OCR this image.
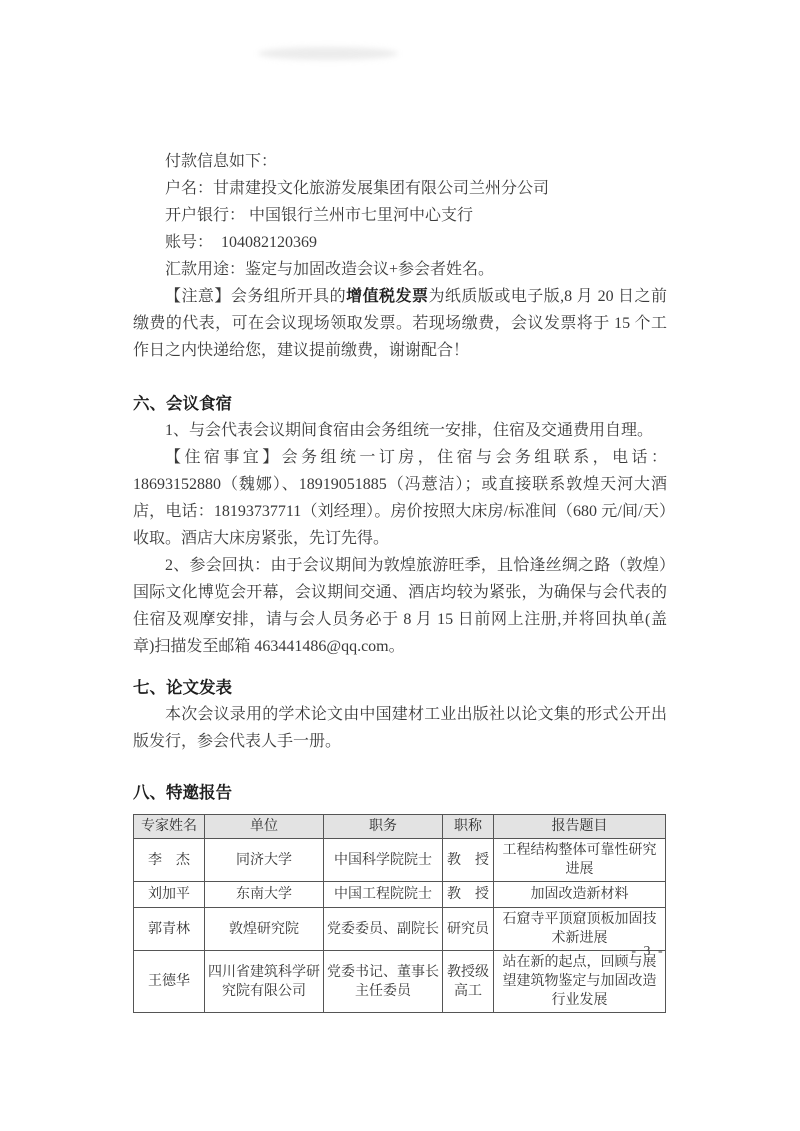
付款信息如下：
户名：甘肃建投文化旅游发展集团有限公司兰州分公司
开户银行： 中国银行兰州市七里河中心支行
账号：  104082120369
汇款用途：鉴定与加固改造会议+参会者姓名。

【注意】会务组所开具的增值税发票为纸质版或电子版,8 月 20 日之前缴费的代表，可在会议现场领取发票。若现场缴费，会议发票将于 15 个工作日之内快递给您，建议提前缴费，谢谢配合！

六、会议食宿

1、与会代表会议期间食宿由会务组统一安排，住宿及交通费用自理。

【住宿事宜】会务组统一订房，住宿与会务组联系，电话：18693152880（魏娜）、18919051885（冯薏洁）；或直接联系敦煌天河大酒店，电话：18193737711（刘经理）。房价按照大床房/标准间（680 元/间/天）收取。酒店大床房紧张，先订先得。

2、参会回执：由于会议期间为敦煌旅游旺季，且恰逢丝绸之路（敦煌）国际文化博览会开幕，会议期间交通、酒店均较为紧张，为确保与会代表的住宿及观摩安排，请与会人员务必于 8 月 15 日前网上注册,并将回执单(盖章)扫描发至邮箱 463441486@qq.com。

七、论文发表

本次会议录用的学术论文由中国建材工业出版社以论文集的形式公开出版发行，参会代表人手一册。

八、特邀报告
专家姓名	单位	职务	职称	报告题目
李　杰	同济大学	中国科学院院士	教　授	工程结构整体可靠性研究进展
刘加平	东南大学	中国工程院院士	教　授	加固改造新材料
郭青林	敦煌研究院	党委委员、副院长	研究员	石窟寺平顶窟顶板加固技术新进展
王德华	四川省建筑科学研究院有限公司	党委书记、董事长 主任委员	教授级高工	站在新的起点，回顾与展望建筑物鉴定与加固改造行业发展
- 3 -
